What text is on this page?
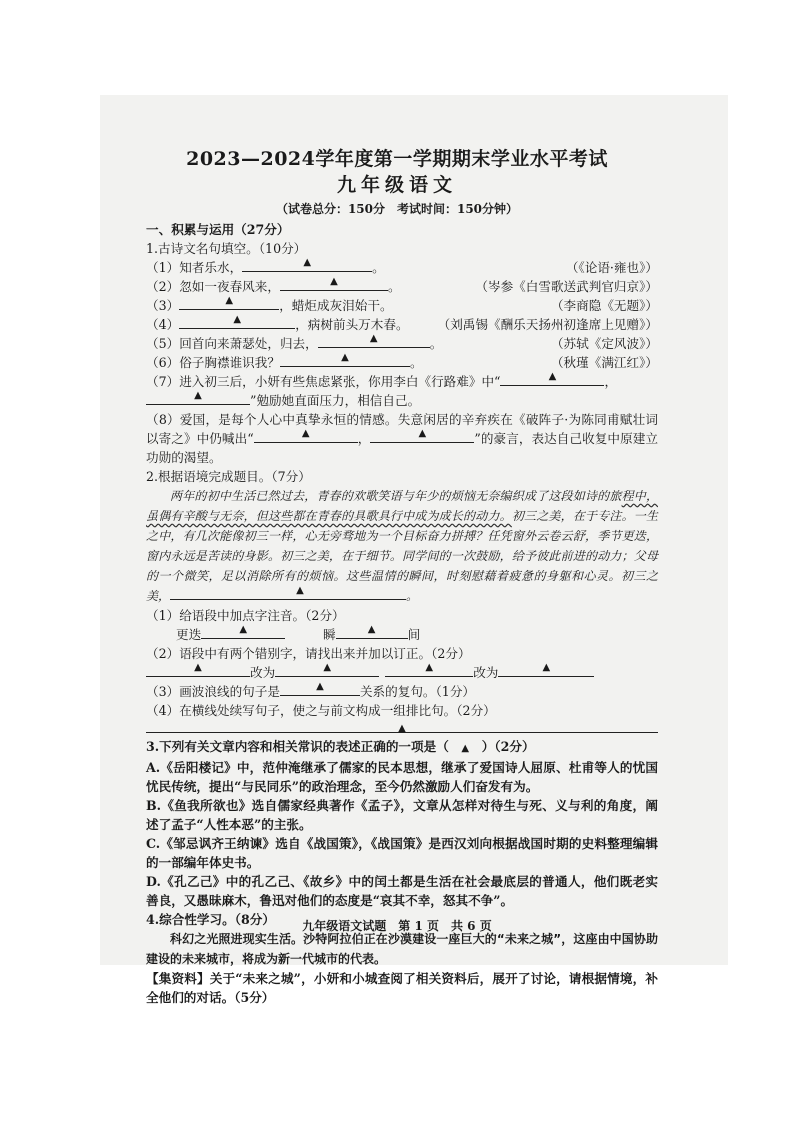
2023—2024学年度第一学期期末学业水平考试
九年级语文
（试卷总分：150分　考试时间：150分钟）
一、积累与运用（27分）
1.古诗文名句填空。（10分）
（1）知者乐水，	▲	。	（《论语·雍也》）
（2）忽如一夜春风来，	▲	。	（岑参《白雪歌送武判官归京》）
（3）	▲	，蜡炬成灰泪始干。	（李商隐《无题》）
（4）	▲	，病树前头万木春。 （刘禹锡《酬乐天扬州初逢席上见赠》）
（5）回首向来萧瑟处，归去，	▲	。	（苏轼《定风波》）
（6）俗子胸襟谁识我？	▲	。	（秋瑾《满江红》）
（7）进入初三后，小妍有些焦虑紧张，你用李白《行路难》中“	▲	，
▲	”勉励她直面压力，相信自己。
（8）爱国，是每个人心中真挚永恒的情感。失意闲居的辛弃疾在《破阵子·为陈同甫赋壮词以寄之》中仍喊出“	▲	，	▲	”的豪言，表达自己收复中原建立功勋的渴望。
2.根据语境完成题目。（7分）
两年的初中生活已然过去，青春的欢歌笑语与年少的烦恼无奈编织成了这段如诗的旅程中，虽偶有辛酸与无奈，但这些都在青春的具歌具行中成为成长的动力。初三之美，在于专注。一生之中，有几次能像初三一样，心无旁骛地为一个目标奋力拼搏？任凭窗外云卷云舒，季节更迭，窗内永远是苦读的身影。初三之美，在于细节。同学间的一次鼓励，给予彼此前进的动力；父母的一个微笑，足以消除所有的烦恼。这些温情的瞬间，时刻慰藉着疲惫的身躯和心灵。初三之美，	▲	。
（1）给语段中加点字注音。（2分）
更迭	▲
　　　	瞬	▲	间
（2）语段中有两个错别字，请找出来并加以订正。（2分）
▲	改为	▲	▲	改为	▲
（3）画波浪线的句子是	▲	关系的复句。（1分）
（4）在横线处续写句子，使之与前文构成一组排比句。（2分）
▲
3.下列有关文章内容和相关常识的表述正确的一项是（　 ▲　 ）（2分）
A.《岳阳楼记》中，范仲淹继承了儒家的民本思想，继承了爱国诗人屈原、杜甫等人的忧国忧民传统，提出“与民同乐”的政治理念，至今仍然激励人们奋发有为。
B.《鱼我所欲也》选自儒家经典著作《孟子》，文章从怎样对待生与死、义与利的角度，阐述了孟子“人性本恶”的主张。
C.《邹忌讽齐王纳谏》选自《战国策》，《战国策》是西汉刘向根据战国时期的史料整理编辑的一部编年体史书。
D.《孔乙己》中的孔乙己、《故乡》中的闰土都是生活在社会最底层的普通人，他们既老实善良，又愚昧麻木，鲁迅对他们的态度是“哀其不幸，怒其不争”。
4.综合性学习。（8分）
科幻之光照进现实生活。沙特阿拉伯正在沙漠建设一座巨大的“未来之城”，这座由中国协助建设的未来城市，将成为新一代城市的代表。
【集资料】关于“未来之城”，小妍和小城查阅了相关资料后，展开了讨论，请根据情境，补全他们的对话。（5分）
九年级语文试题　第 1 页　共 6 页
